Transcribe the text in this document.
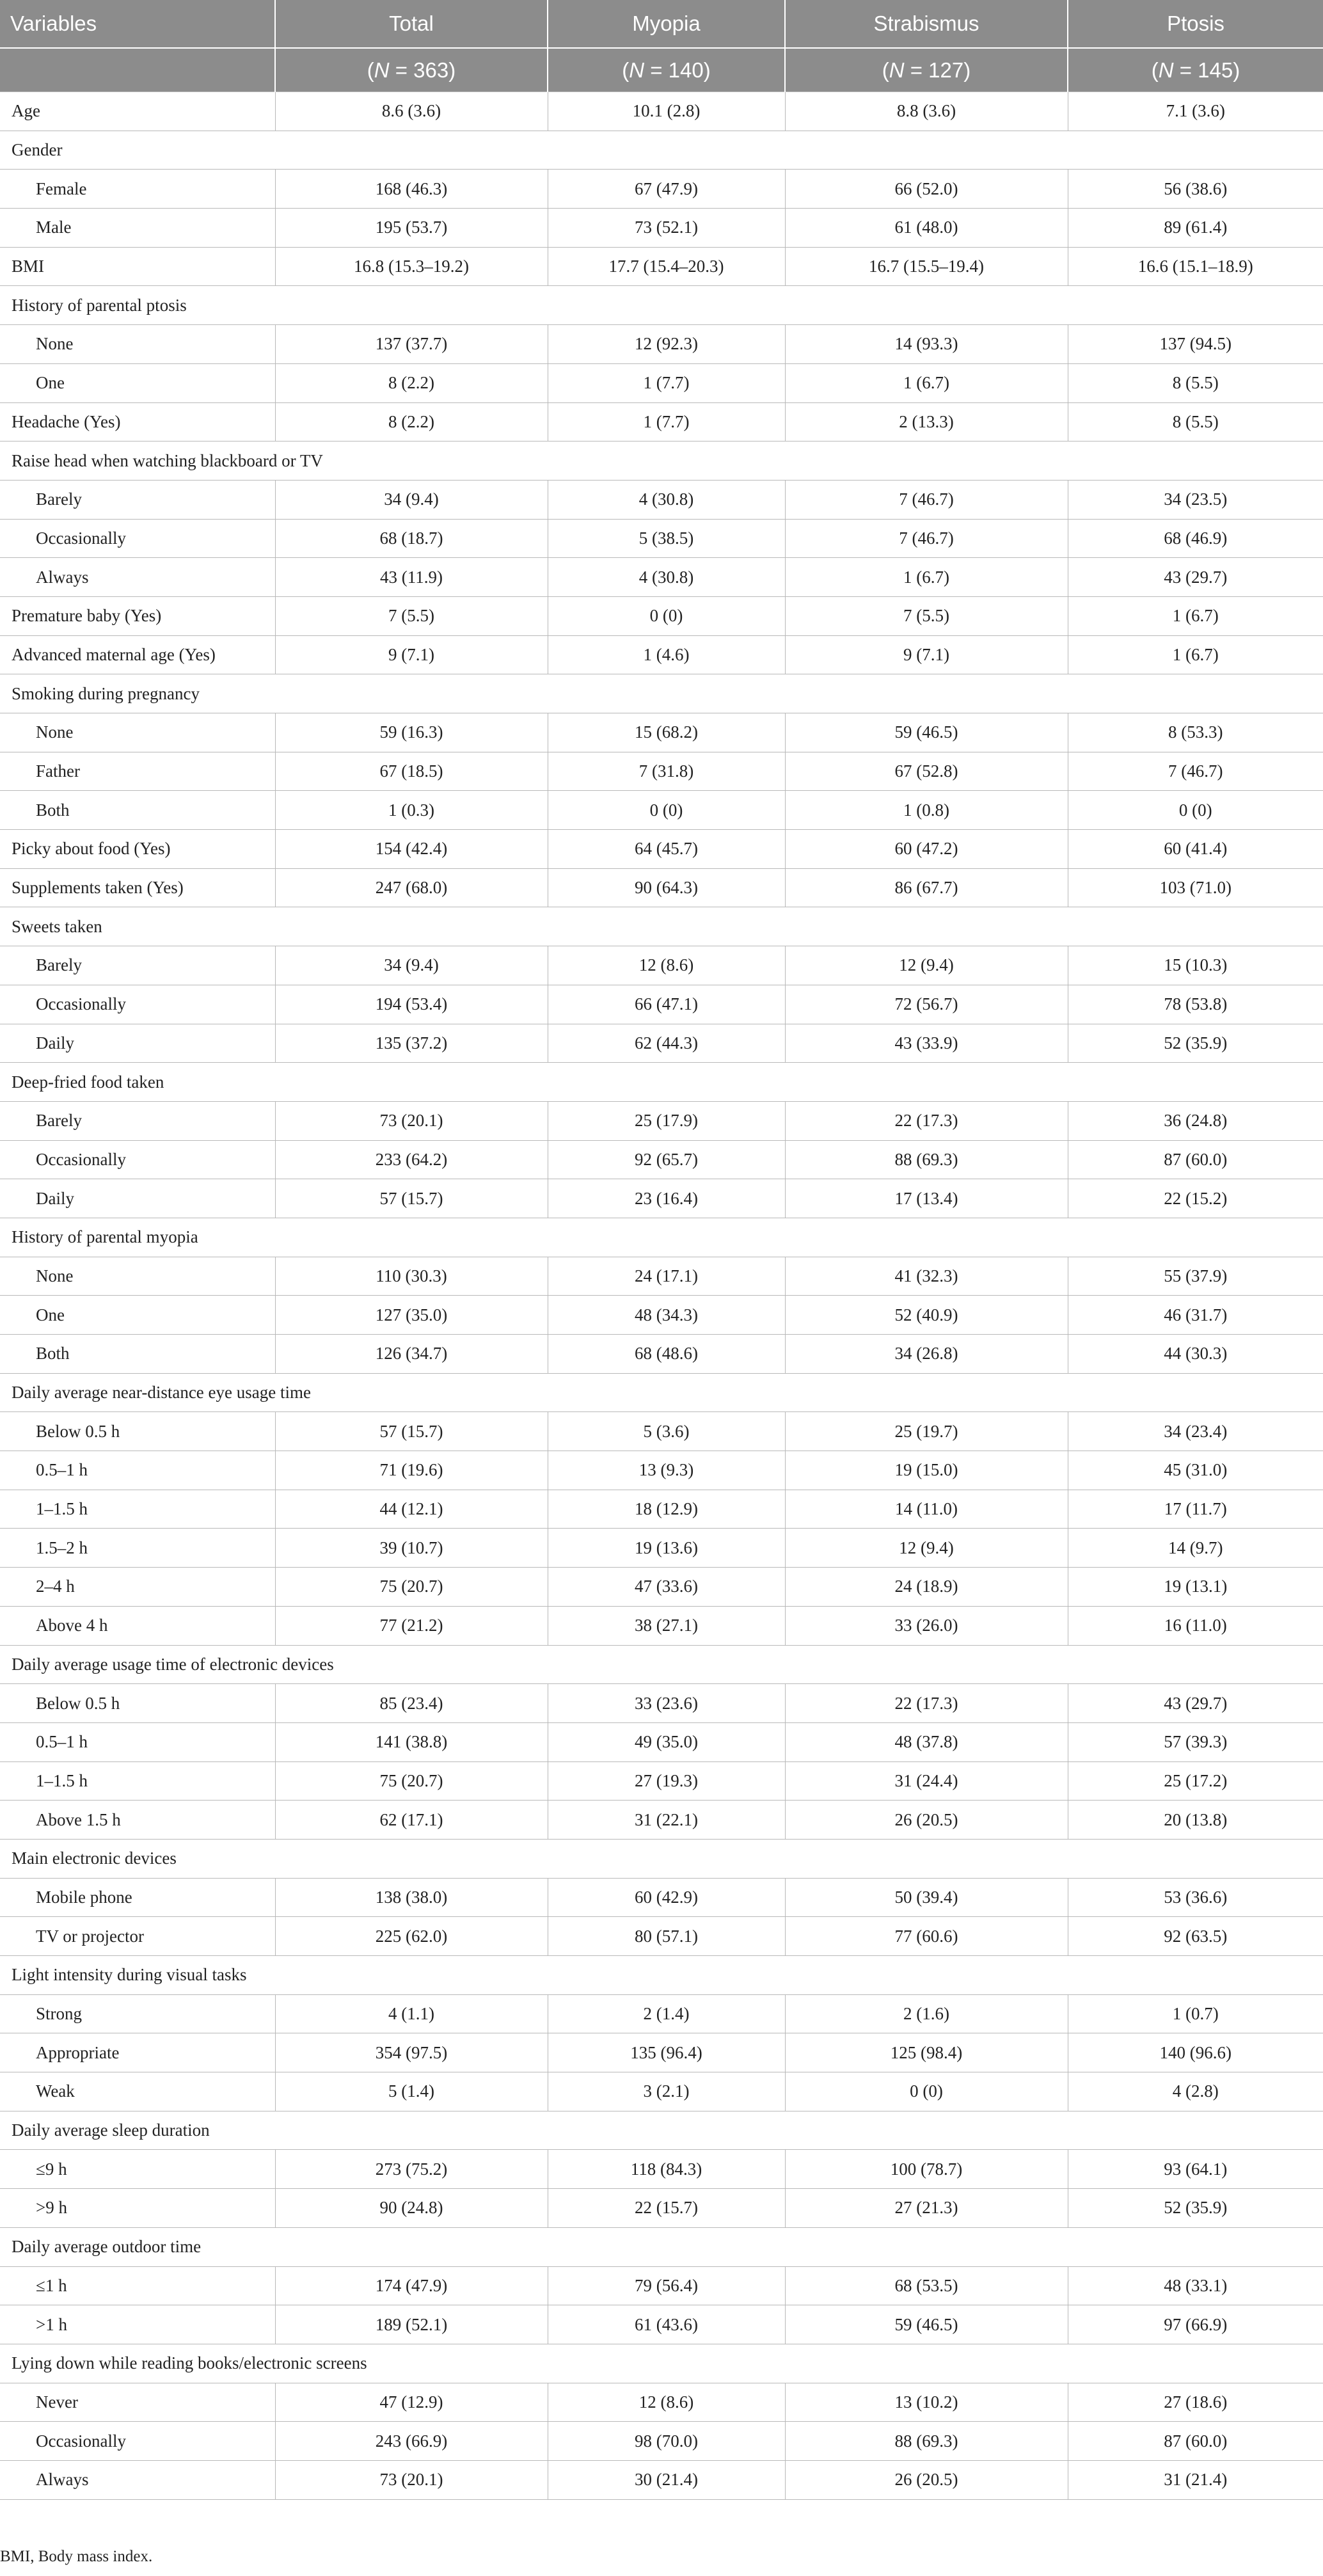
Variables	Total	Myopia	Strabismus	Ptosis
	(N = 363)	(N = 140)	(N = 127)	(N = 145)
Age	8.6 (3.6)	10.1 (2.8)	8.8 (3.6)	7.1 (3.6)
Gender				
Female	168 (46.3)	67 (47.9)	66 (52.0)	56 (38.6)
Male	195 (53.7)	73 (52.1)	61 (48.0)	89 (61.4)
BMI	16.8 (15.3–19.2)	17.7 (15.4–20.3)	16.7 (15.5–19.4)	16.6 (15.1–18.9)
History of parental ptosis				
None	137 (37.7)	12 (92.3)	14 (93.3)	137 (94.5)
One	8 (2.2)	1 (7.7)	1 (6.7)	8 (5.5)
Headache (Yes)	8 (2.2)	1 (7.7)	2 (13.3)	8 (5.5)
Raise head when watching blackboard or TV				
Barely	34 (9.4)	4 (30.8)	7 (46.7)	34 (23.5)
Occasionally	68 (18.7)	5 (38.5)	7 (46.7)	68 (46.9)
Always	43 (11.9)	4 (30.8)	1 (6.7)	43 (29.7)
Premature baby (Yes)	7 (5.5)	0 (0)	7 (5.5)	1 (6.7)
Advanced maternal age (Yes)	9 (7.1)	1 (4.6)	9 (7.1)	1 (6.7)
Smoking during pregnancy				
None	59 (16.3)	15 (68.2)	59 (46.5)	8 (53.3)
Father	67 (18.5)	7 (31.8)	67 (52.8)	7 (46.7)
Both	1 (0.3)	0 (0)	1 (0.8)	0 (0)
Picky about food (Yes)	154 (42.4)	64 (45.7)	60 (47.2)	60 (41.4)
Supplements taken (Yes)	247 (68.0)	90 (64.3)	86 (67.7)	103 (71.0)
Sweets taken				
Barely	34 (9.4)	12 (8.6)	12 (9.4)	15 (10.3)
Occasionally	194 (53.4)	66 (47.1)	72 (56.7)	78 (53.8)
Daily	135 (37.2)	62 (44.3)	43 (33.9)	52 (35.9)
Deep-fried food taken				
Barely	73 (20.1)	25 (17.9)	22 (17.3)	36 (24.8)
Occasionally	233 (64.2)	92 (65.7)	88 (69.3)	87 (60.0)
Daily	57 (15.7)	23 (16.4)	17 (13.4)	22 (15.2)
History of parental myopia				
None	110 (30.3)	24 (17.1)	41 (32.3)	55 (37.9)
One	127 (35.0)	48 (34.3)	52 (40.9)	46 (31.7)
Both	126 (34.7)	68 (48.6)	34 (26.8)	44 (30.3)
Daily average near-distance eye usage time				
Below 0.5 h	57 (15.7)	5 (3.6)	25 (19.7)	34 (23.4)
0.5–1 h	71 (19.6)	13 (9.3)	19 (15.0)	45 (31.0)
1–1.5 h	44 (12.1)	18 (12.9)	14 (11.0)	17 (11.7)
1.5–2 h	39 (10.7)	19 (13.6)	12 (9.4)	14 (9.7)
2–4 h	75 (20.7)	47 (33.6)	24 (18.9)	19 (13.1)
Above 4 h	77 (21.2)	38 (27.1)	33 (26.0)	16 (11.0)
Daily average usage time of electronic devices				
Below 0.5 h	85 (23.4)	33 (23.6)	22 (17.3)	43 (29.7)
0.5–1 h	141 (38.8)	49 (35.0)	48 (37.8)	57 (39.3)
1–1.5 h	75 (20.7)	27 (19.3)	31 (24.4)	25 (17.2)
Above 1.5 h	62 (17.1)	31 (22.1)	26 (20.5)	20 (13.8)
Main electronic devices				
Mobile phone	138 (38.0)	60 (42.9)	50 (39.4)	53 (36.6)
TV or projector	225 (62.0)	80 (57.1)	77 (60.6)	92 (63.5)
Light intensity during visual tasks				
Strong	4 (1.1)	2 (1.4)	2 (1.6)	1 (0.7)
Appropriate	354 (97.5)	135 (96.4)	125 (98.4)	140 (96.6)
Weak	5 (1.4)	3 (2.1)	0 (0)	4 (2.8)
Daily average sleep duration				
≤9 h	273 (75.2)	118 (84.3)	100 (78.7)	93 (64.1)
>9 h	90 (24.8)	22 (15.7)	27 (21.3)	52 (35.9)
Daily average outdoor time				
≤1 h	174 (47.9)	79 (56.4)	68 (53.5)	48 (33.1)
>1 h	189 (52.1)	61 (43.6)	59 (46.5)	97 (66.9)
Lying down while reading books/electronic screens				
Never	47 (12.9)	12 (8.6)	13 (10.2)	27 (18.6)
Occasionally	243 (66.9)	98 (70.0)	88 (69.3)	87 (60.0)
Always	73 (20.1)	30 (21.4)	26 (20.5)	31 (21.4)
BMI, Body mass index.
